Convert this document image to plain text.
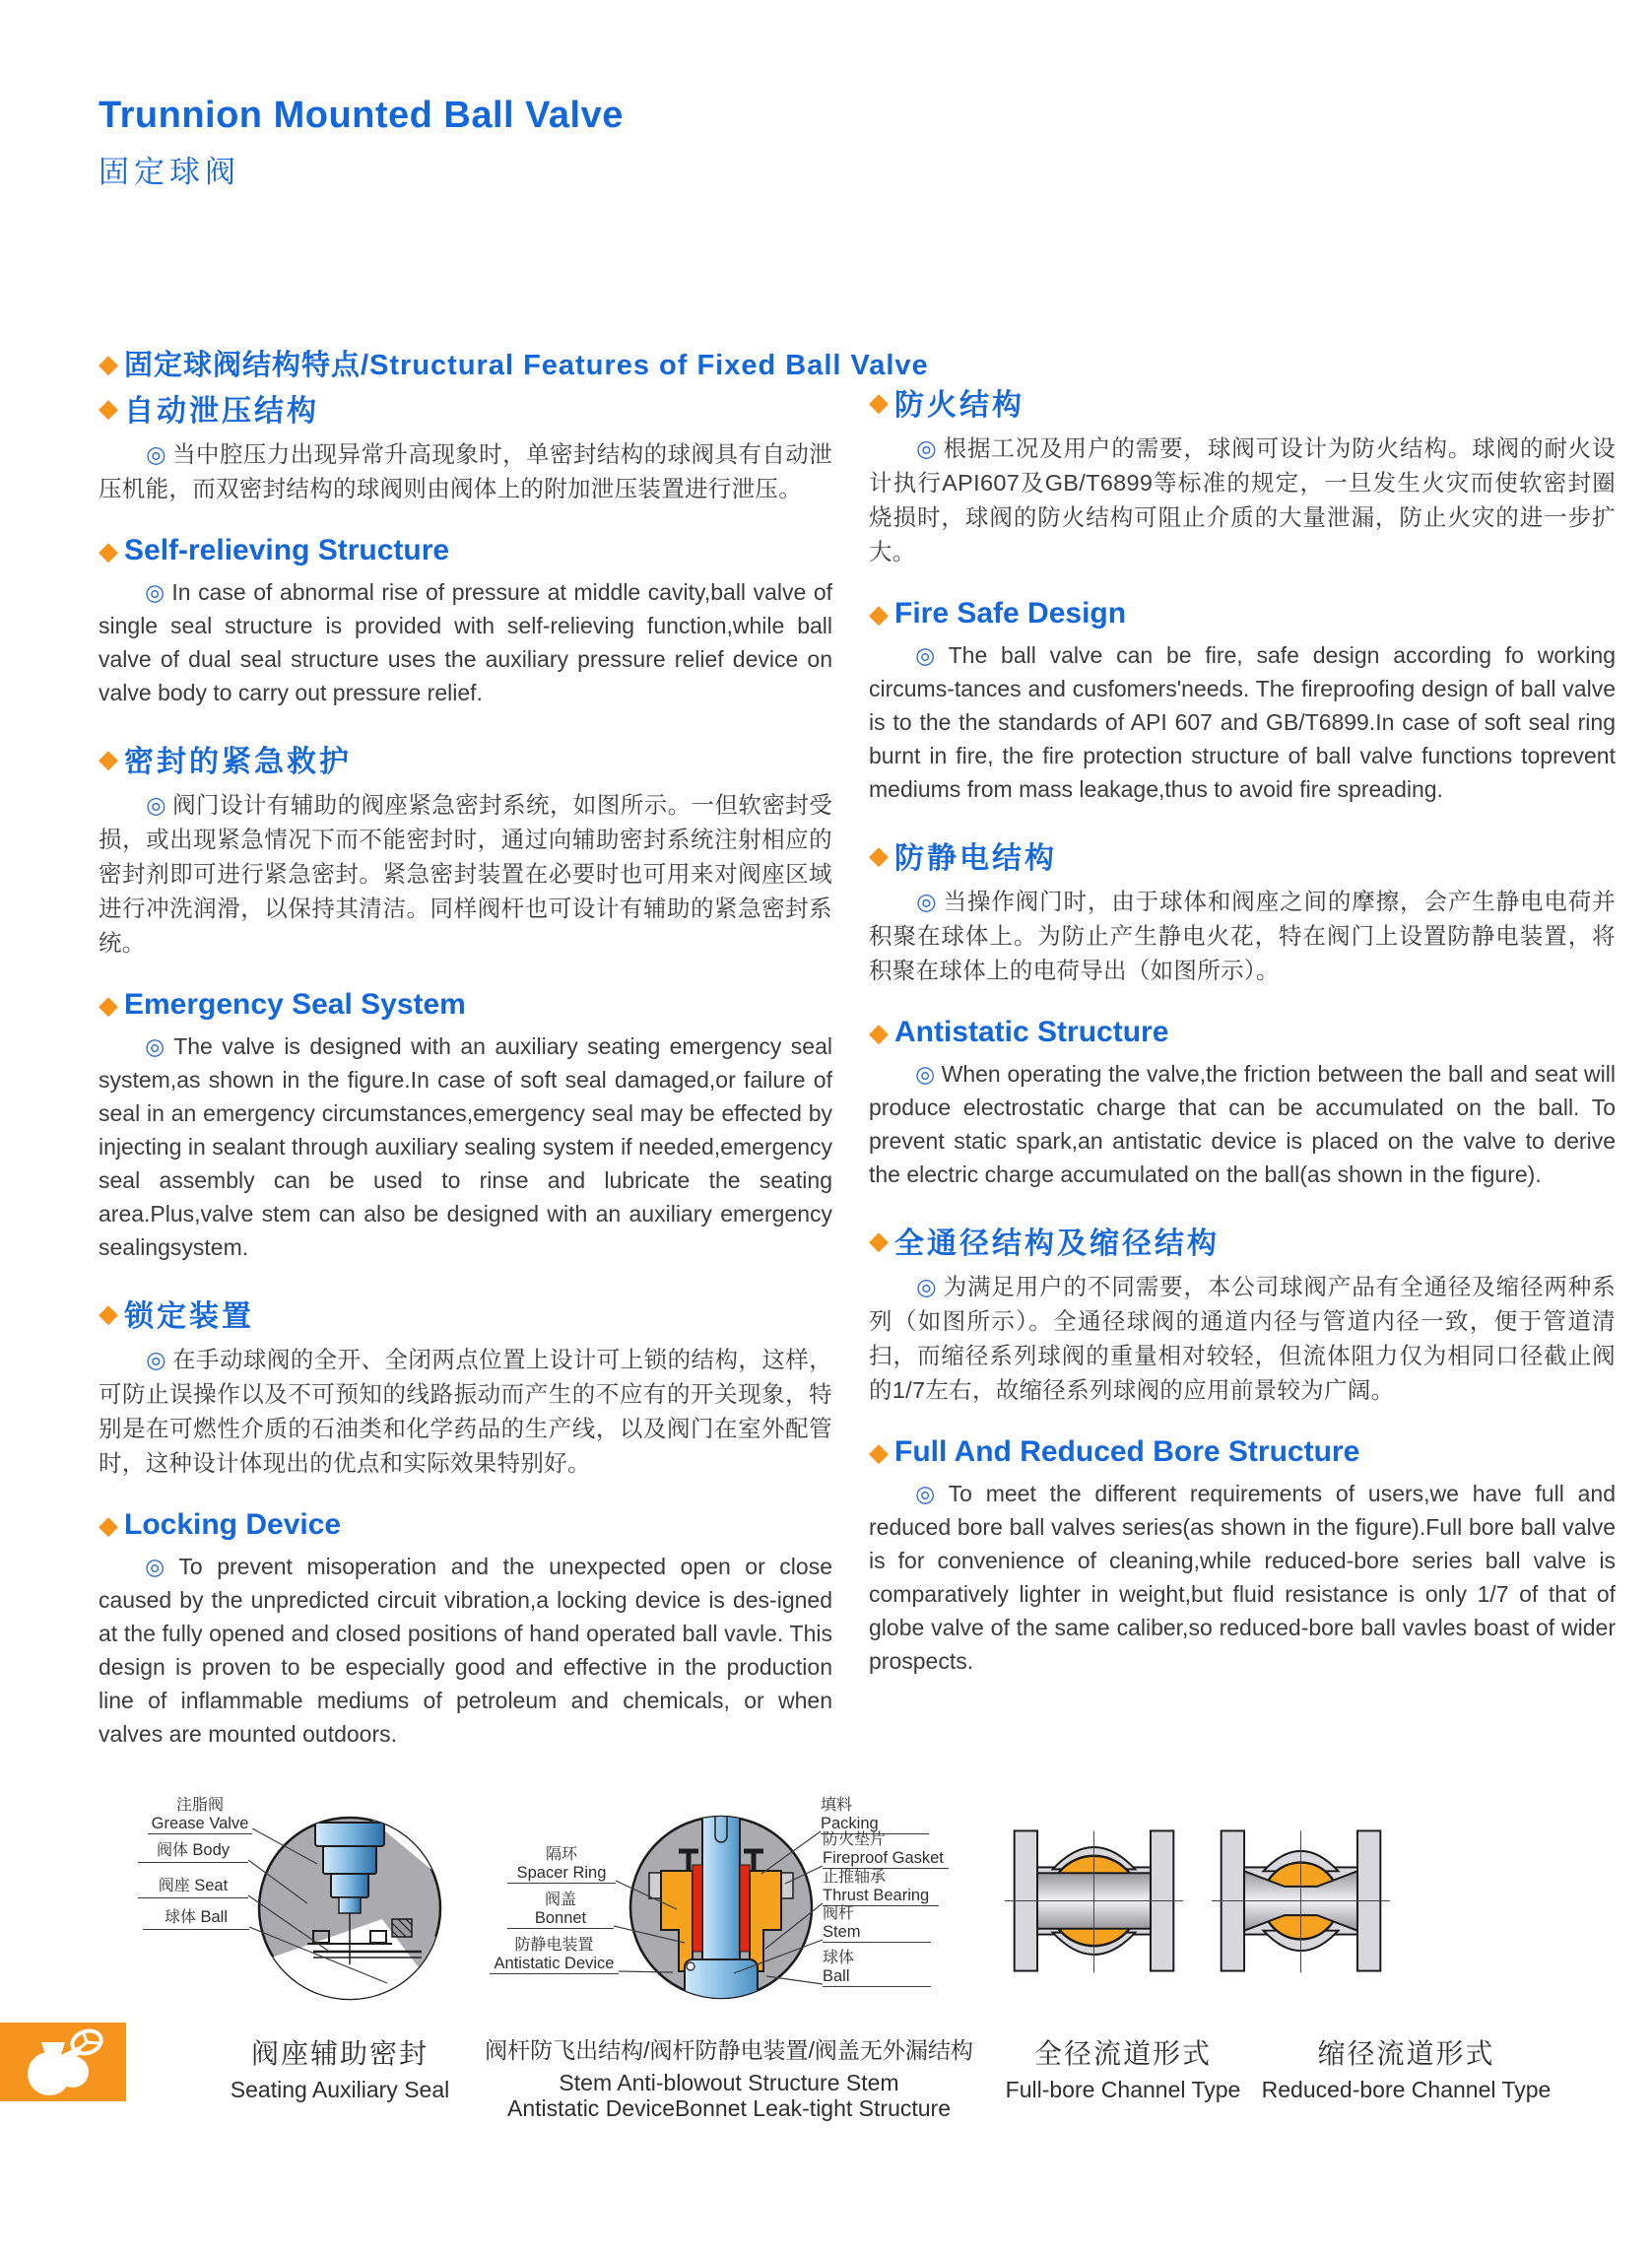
Trunnion Mounted Ball Valve
固定球阀
◆ 固定球阀结构特点/Structural Features of Fixed Ball Valve
◆ 自动泄压结构

◎ 当中腔压力出现异常升高现象时，单密封结构的球阀具有自动泄压机能，而双密封结构的球阀则由阀体上的附加泄压装置进行泄压。

◆ Self-relieving Structure

◎ In case of abnormal rise of pressure at middle cavity,ball valve of single seal structure is provided with self-relieving function,while ball valve of dual seal structure uses the auxiliary pressure relief device on valve body to carry out pressure relief.

◆ 密封的紧急救护

◎ 阀门设计有辅助的阀座紧急密封系统，如图所示。一但软密封受损，或出现紧急情况下而不能密封时，通过向辅助密封系统注射相应的密封剂即可进行紧急密封。紧急密封装置在必要时也可用来对阀座区域进行冲洗润滑，以保持其清洁。同样阀杆也可设计有辅助的紧急密封系统。

◆ Emergency Seal System

◎ The valve is designed with an auxiliary seating emergency seal system,as shown in the figure.In case of soft seal damaged,or failure of seal in an emergency circumstances,emergency seal may be effected by injecting in sealant through auxiliary sealing system if needed,emergency seal assembly can be used to rinse and lubricate the seating area.Plus,valve stem can also be designed with an auxiliary emergency sealingsystem.

◆ 锁定装置

◎ 在手动球阀的全开、全闭两点位置上设计可上锁的结构，这样，可防止误操作以及不可预知的线路振动而产生的不应有的开关现象，特别是在可燃性介质的石油类和化学药品的生产线，以及阀门在室外配管时，这种设计体现出的优点和实际效果特别好。

◆ Locking Device

◎ To prevent misoperation and the unexpected open or close caused by the unpredicted circuit vibration,a locking device is des-igned at the fully opened and closed positions of hand operated ball vavle. This design is proven to be especially good and effective in the production line of inflammable mediums of petroleum and chemicals, or when valves are mounted outdoors.

◆ 防火结构

◎ 根据工况及用户的需要，球阀可设计为防火结构。球阀的耐火设计执行API607及GB/T6899等标准的规定，一旦发生火灾而使软密封圈烧损时，球阀的防火结构可阻止介质的大量泄漏，防止火灾的进一步扩大。

◆ Fire Safe Design

◎ The ball valve can be fire, safe design according fo working circums-tances and cusfomers'needs. The fireproofing design of ball valve is to the the standards of API 607 and GB/T6899.In case of soft seal ring burnt in fire, the fire protection structure of ball valve functions toprevent mediums from mass leakage,thus to avoid fire spreading.

◆ 防静电结构

◎ 当操作阀门时，由于球体和阀座之间的摩擦，会产生静电电荷并积聚在球体上。为防止产生静电火花，特在阀门上设置防静电装置，将积聚在球体上的电荷导出（如图所示）。

◆ Antistatic Structure

◎ When operating the valve,the friction between the ball and seat will produce electrostatic charge that can be accumulated on the ball. To prevent static spark,an antistatic device is placed on the valve to derive the electric charge accumulated on the ball(as shown in the figure).

◆ 全通径结构及缩径结构

◎ 为满足用户的不同需要，本公司球阀产品有全通径及缩径两种系列（如图所示）。全通径球阀的通道内径与管道内径一致，便于管道清扫，而缩径系列球阀的重量相对较轻，但流体阻力仅为相同口径截止阀的1/7左右，故缩径系列球阀的应用前景较为广阔。

◆ Full And Reduced Bore Structure

◎ To meet the different requirements of users,we have full and reduced bore ball valves series(as shown in the figure).Full bore ball valve is for convenience of cleaning,while reduced-bore series ball valve is comparatively lighter in weight,but fluid resistance is only 1/7 of that of globe valve of the same caliber,so reduced-bore ball vavles boast of wider prospects.

注脂阀
Grease Valve
阀体 Body
阀座 Seat
球体 Ball
隔环
Spacer Ring
阀盖
Bonnet
防静电装置
Antistatic Device
填料
Packing
防火垫片
Fireproof Gasket
止推轴承
Thrust Bearing
阀杆
Stem
球体
Ball
阀座辅助密封
Seating Auxiliary Seal
阀杆防飞出结构/阀杆防静电装置/阀盖无外漏结构
Stem Anti-blowout Structure Stem
Antistatic DeviceBonnet Leak-tight Structure
全径流道形式
Full-bore Channel Type
缩径流道形式
Reduced-bore Channel Type
